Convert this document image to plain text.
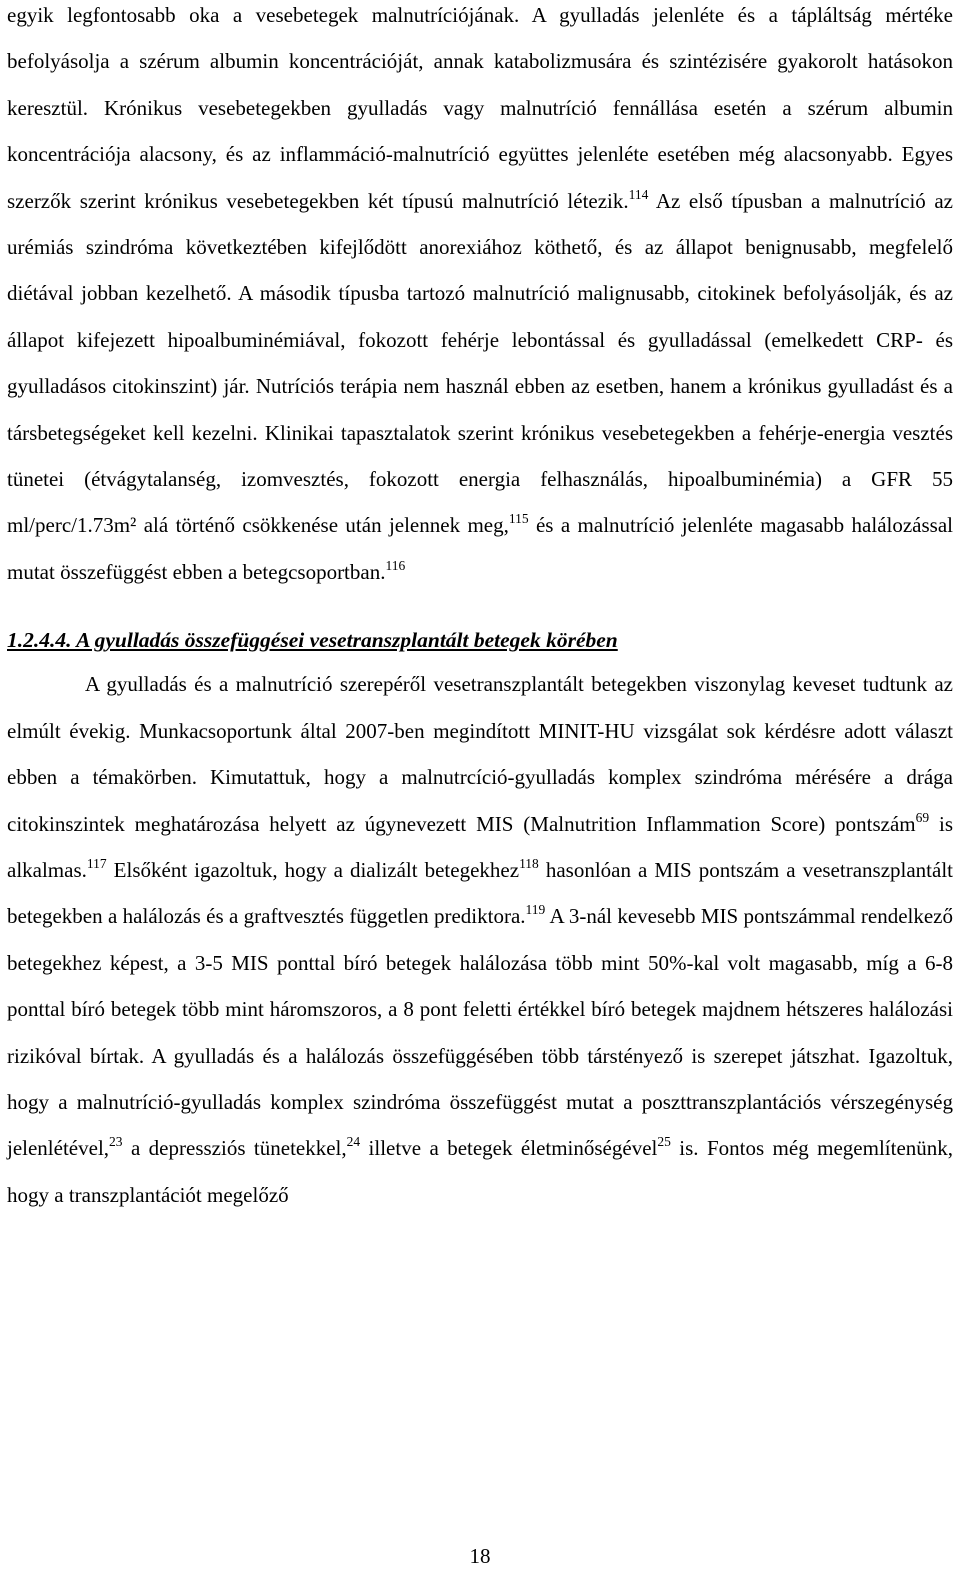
egyik legfontosabb oka a vesebetegek malnutríciójának. A gyulladás jelenléte és a tápláltság mértéke befolyásolja a szérum albumin koncentrációját, annak katabolizmusára és szintézisére gyakorolt hatásokon keresztül. Krónikus vesebetegekben gyulladás vagy malnutríció fennállása esetén a szérum albumin koncentrációja alacsony, és az inflammáció-malnutríció együttes jelenléte esetében még alacsonyabb. Egyes szerzők szerint krónikus vesebetegekben két típusú malnutríció létezik.$^{114}$ Az első típusban a malnutríció az urémiás szindróma következtében kifejlődött anorexiához köthető, és az állapot benignusabb, megfelelő diétával jobban kezelhető. A második típusba tartozó malnutríció malignusabb, citokinek befolyásolják, és az állapot kifejezett hipoalbuminémiával, fokozott fehérje lebontással és gyulladással (emelkedett CRP- és gyulladásos citokinszint) jár. Nutríciós terápia nem használ ebben az esetben, hanem a krónikus gyulladást és a társbetegségeket kell kezelni. Klinikai tapasztalatok szerint krónikus vesebetegekben a fehérje-energia vesztés tünetei (étvágytalanség, izomvesztés, fokozott energia felhasználás, hipoalbuminémia) a GFR 55 ml/perc/1.73m² alá történő csökkenése után jelennek meg,$^{115}$ és a malnutríció jelenléte magasabb halálozással mutat összefüggést ebben a betegcsoportban.$^{116}$

1.2.4.4. A gyulladás összefüggései vesetranszplantált betegek körében

A gyulladás és a malnutríció szerepéről vesetranszplantált betegekben viszonylag keveset tudtunk az elmúlt évekig. Munkacsoportunk által 2007-ben megindított MINIT-HU vizsgálat sok kérdésre adott választ ebben a témakörben. Kimutattuk, hogy a malnutrcíció-gyulladás komplex szindróma mérésére a drága citokinszintek meghatározása helyett az úgynevezett MIS (Malnutrition Inflammation Score) pontszám$^{69}$ is alkalmas.$^{117}$ Elsőként igazoltuk, hogy a dializált betegekhez$^{118}$ hasonlóan a MIS pontszám a vesetranszplantált betegekben a halálozás és a graftvesztés független prediktora.$^{119}$ A 3-nál kevesebb MIS pontszámmal rendelkező betegekhez képest, a 3-5 MIS ponttal bíró betegek halálozása több mint 50%-kal volt magasabb, míg a 6-8 ponttal bíró betegek több mint háromszoros, a 8 pont feletti értékkel bíró betegek majdnem hétszeres halálozási rizikóval bírtak. A gyulladás és a halálozás összefüggésében több társtényező is szerepet játszhat. Igazoltuk, hogy a malnutríció-gyulladás komplex szindróma összefüggést mutat a poszttranszplantációs vérszegénység jelenlétével,$^{23}$ a depressziós tünetekkel,$^{24}$ illetve a betegek életminőségével$^{25}$ is. Fontos még megemlítenünk, hogy a transzplantációt megelőző

18
